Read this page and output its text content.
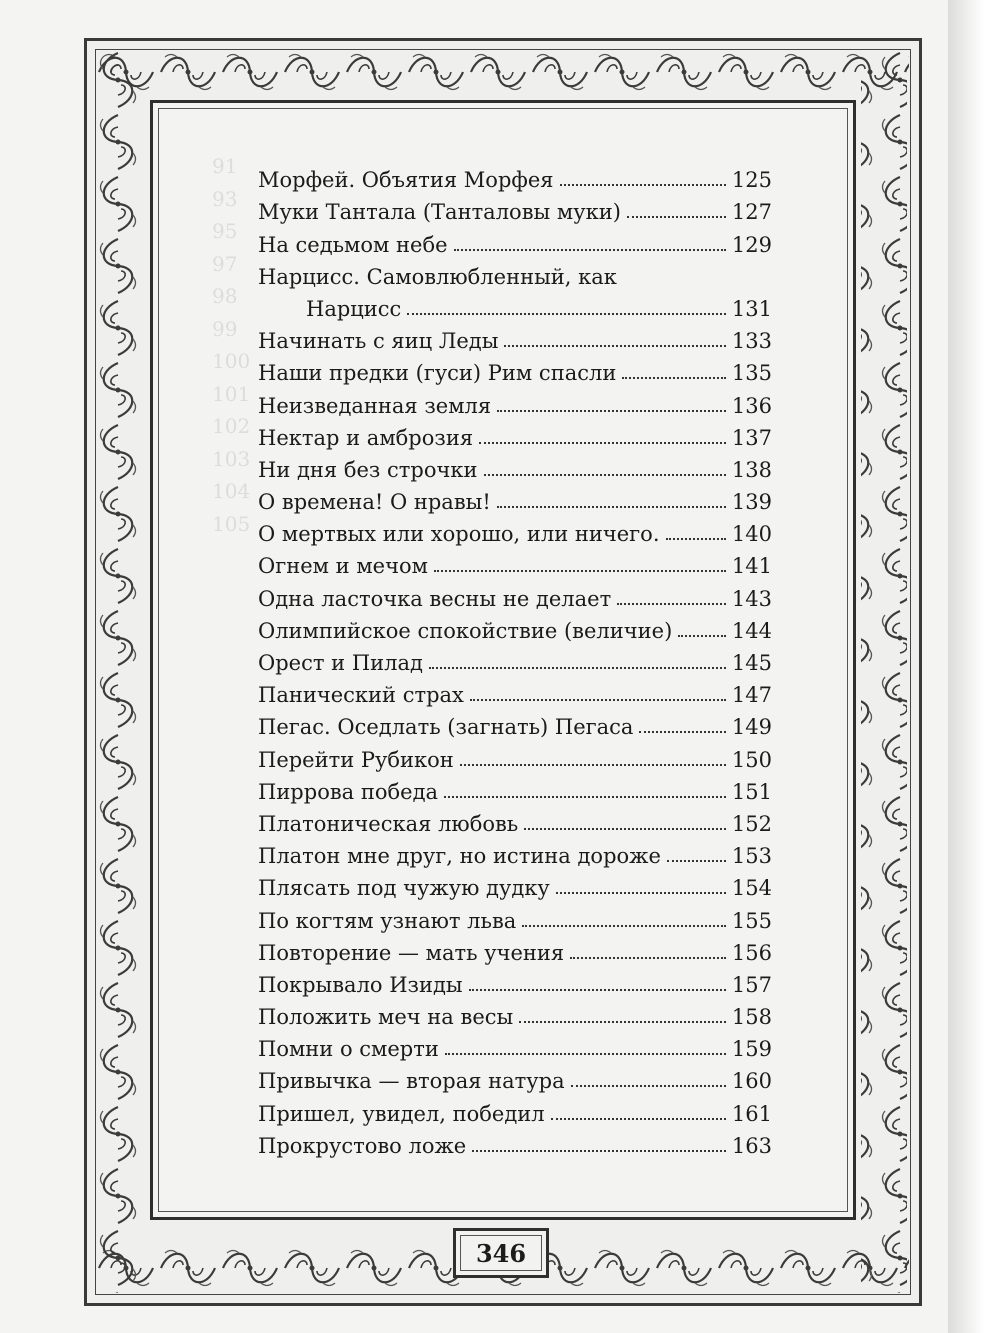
Морфей. Объятия Морфея	125
Муки Тантала (Танталовы муки)	127
На седьмом небе	129
Нарцисс. Самовлюбленный, как
Нарцисс	131
Начинать с яиц Леды	133
Наши предки (гуси) Рим спасли	135
Неизведанная земля	136
Нектар и амброзия	137
Ни дня без строчки	138
О времена! О нравы!	139
О мертвых или хорошо, или ничего.	140
Огнем и мечом	141
Одна ласточка весны не делает	143
Олимпийское спокойствие (величие)	144
Орест и Пилад	145
Панический страх	147
Пегас. Оседлать (загнать) Пегаса	149
Перейти Рубикон	150
Пиррова победа	151
Платоническая любовь	152
Платон мне друг, но истина дороже	153
Плясать под чужую дудку	154
По когтям узнают льва	155
Повторение — мать учения	156
Покрывало Изиды	157
Положить меч на весы	158
Помни о смерти	159
Привычка — вторая натура	160
Пришел, увидел, победил	161
Прокрустово ложе	163
346
